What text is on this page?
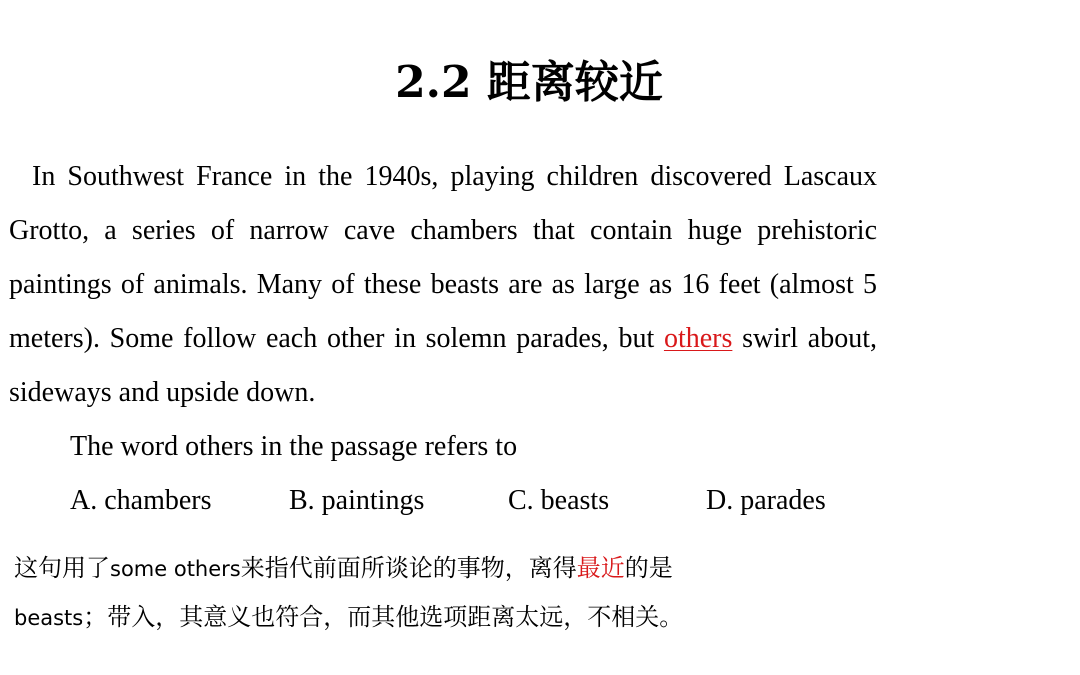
2.2 距离较近

In Southwest France in the 1940s, playing children discovered Lascaux Grotto, a series of narrow cave chambers that contain huge prehistoric paintings of animals. Many of these beasts are as large as 16 feet (almost 5 meters). Some follow each other in solemn parades, but others swirl about, sideways and upside down.

The word others in the passage refers to

A. chambers	B. paintings	C. beasts	D. parades
这句用了some others来指代前面所谈论的事物，离得最近的是
beasts；带入，其意义也符合，而其他选项距离太远，不相关。
